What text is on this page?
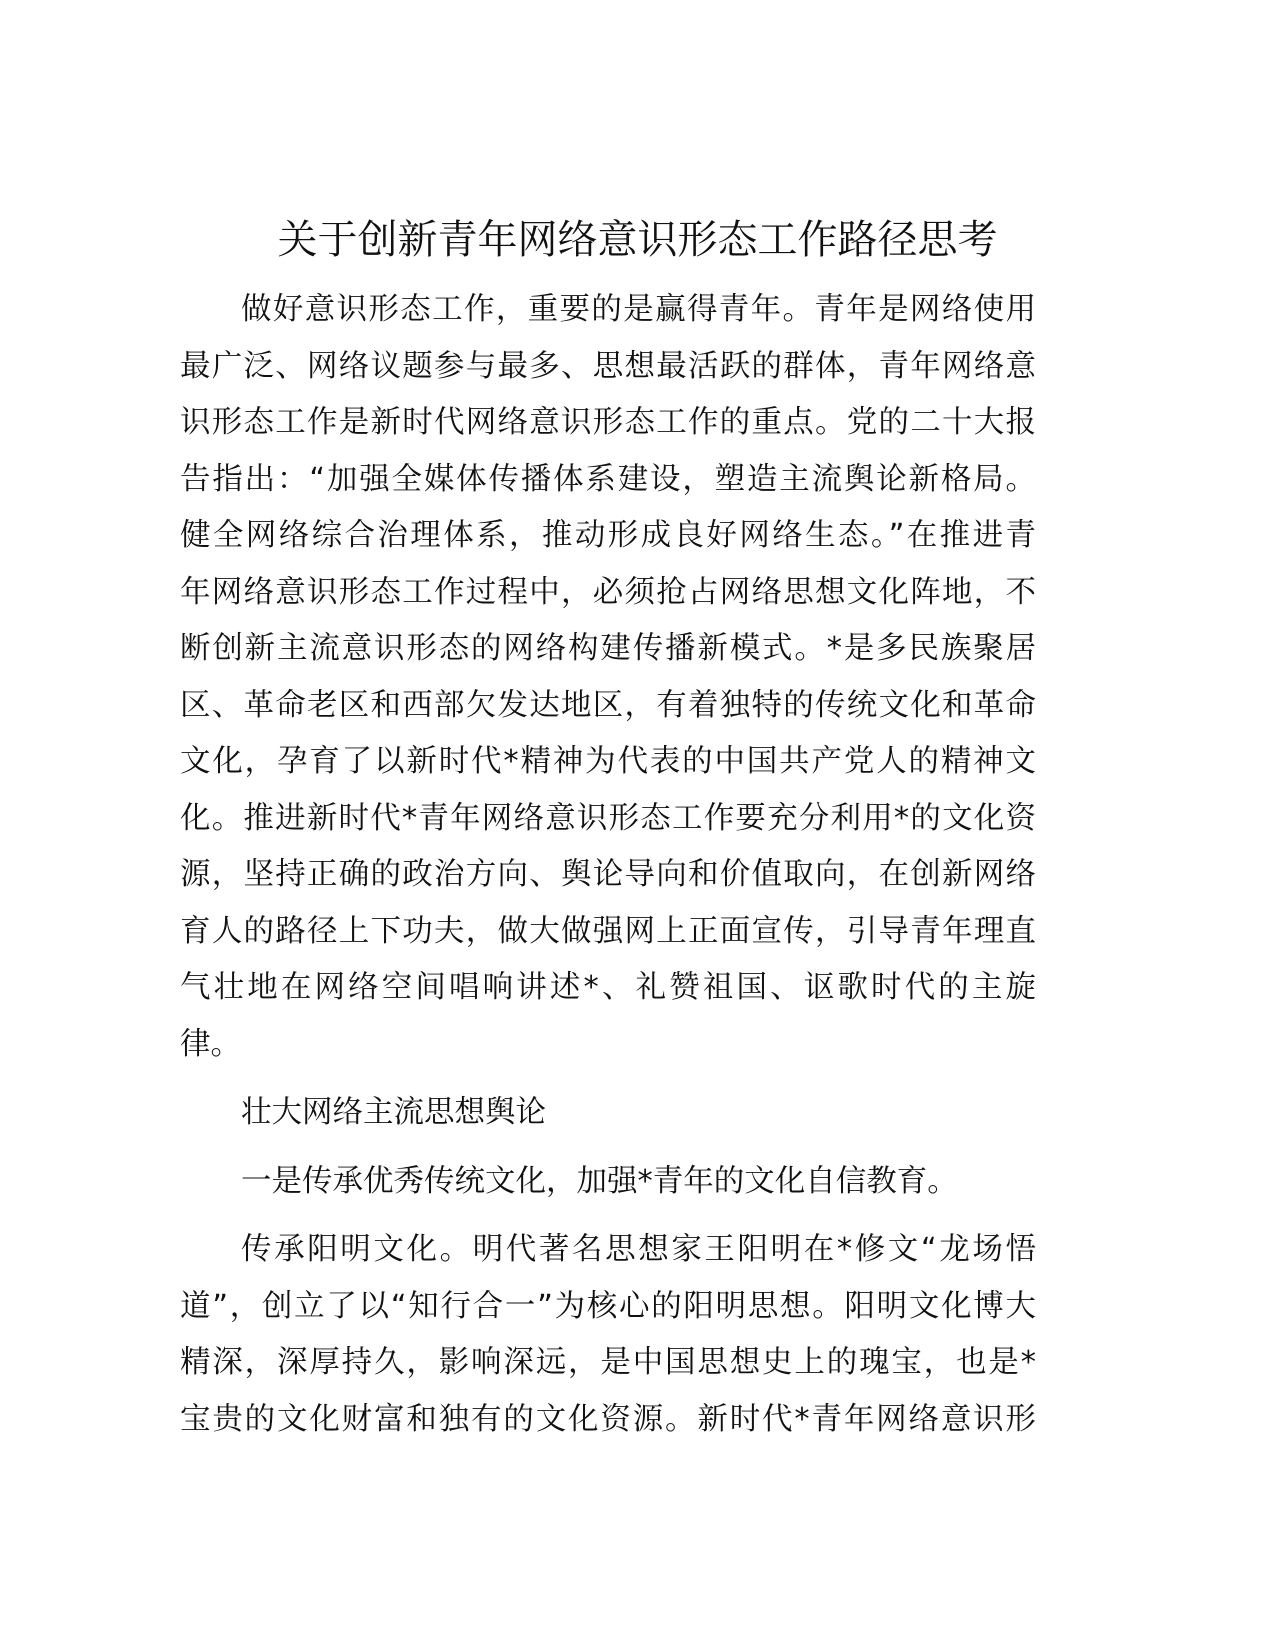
关于创新青年网络意识形态工作路径思考
做好意识形态工作，重要的是赢得青年。青年是网络使用
最广泛、网络议题参与最多、思想最活跃的群体，青年网络意
识形态工作是新时代网络意识形态工作的重点。党的二十大报
告指出：“加强全媒体传播体系建设，塑造主流舆论新格局。
健全网络综合治理体系，推动形成良好网络生态。”在推进青
年网络意识形态工作过程中，必须抢占网络思想文化阵地，不
断创新主流意识形态的网络构建传播新模式。*是多民族聚居
区、革命老区和西部欠发达地区，有着独特的传统文化和革命
文化，孕育了以新时代*精神为代表的中国共产党人的精神文
化。推进新时代*青年网络意识形态工作要充分利用*的文化资
源，坚持正确的政治方向、舆论导向和价值取向，在创新网络
育人的路径上下功夫，做大做强网上正面宣传，引导青年理直
气壮地在网络空间唱响讲述*、礼赞祖国、讴歌时代的主旋
律。
壮大网络主流思想舆论
一是传承优秀传统文化，加强*青年的文化自信教育。
传承阳明文化。明代著名思想家王阳明在*修文“龙场悟
道”，创立了以“知行合一”为核心的阳明思想。阳明文化博大
精深，深厚持久，影响深远，是中国思想史上的瑰宝，也是*
宝贵的文化财富和独有的文化资源。新时代*青年网络意识形
